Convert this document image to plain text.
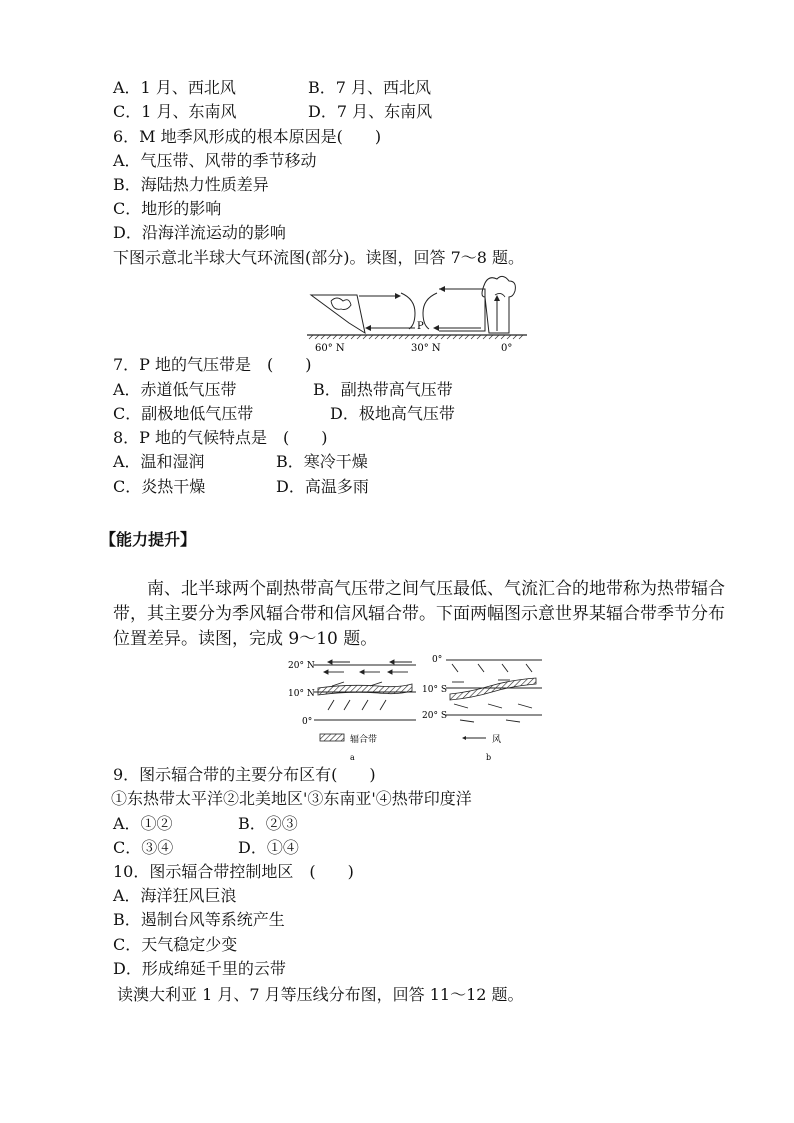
A．1 月、西北风	B．7 月、西北风
C．1 月、东南风	D．7 月、东南风
6．M 地季风形成的根本原因是(　　)
A．气压带、风带的季节移动
B．海陆热力性质差异
C．地形的影响
D．沿海洋流运动的影响
下图示意北半球大气环流图(部分)。读图，回答 7～8 题。
P
60° N	30° N	0°
7．P 地的气压带是　(　　)
A．赤道低气压带	B．副热带高气压带
C．副极地低气压带	D．极地高气压带
8．P 地的气候特点是　(　　)
A．温和湿润	B．寒冷干燥
C．炎热干燥	D．高温多雨
【能力提升】
南、北半球两个副热带高气压带之间气压最低、气流汇合的地带称为热带辐合带，其主要分为季风辐合带和信风辐合带。下面两幅图示意世界某辐合带季节分布位置差异。读图，完成 9～10 题。
20° N
10° N
0°
a
0°
10° S
20° S
b
辐合带	风
9．图示辐合带的主要分布区有(　　)
①东热带太平洋②北美地区'③东南亚'④热带印度洋
A．①②	B．②③
C．③④	D．①④
10．图示辐合带控制地区　(　　)
A．海洋狂风巨浪
B．遏制台风等系统产生
C．天气稳定少变
D．形成绵延千里的云带
读澳大利亚 1 月、7 月等压线分布图，回答 11～12 题。
